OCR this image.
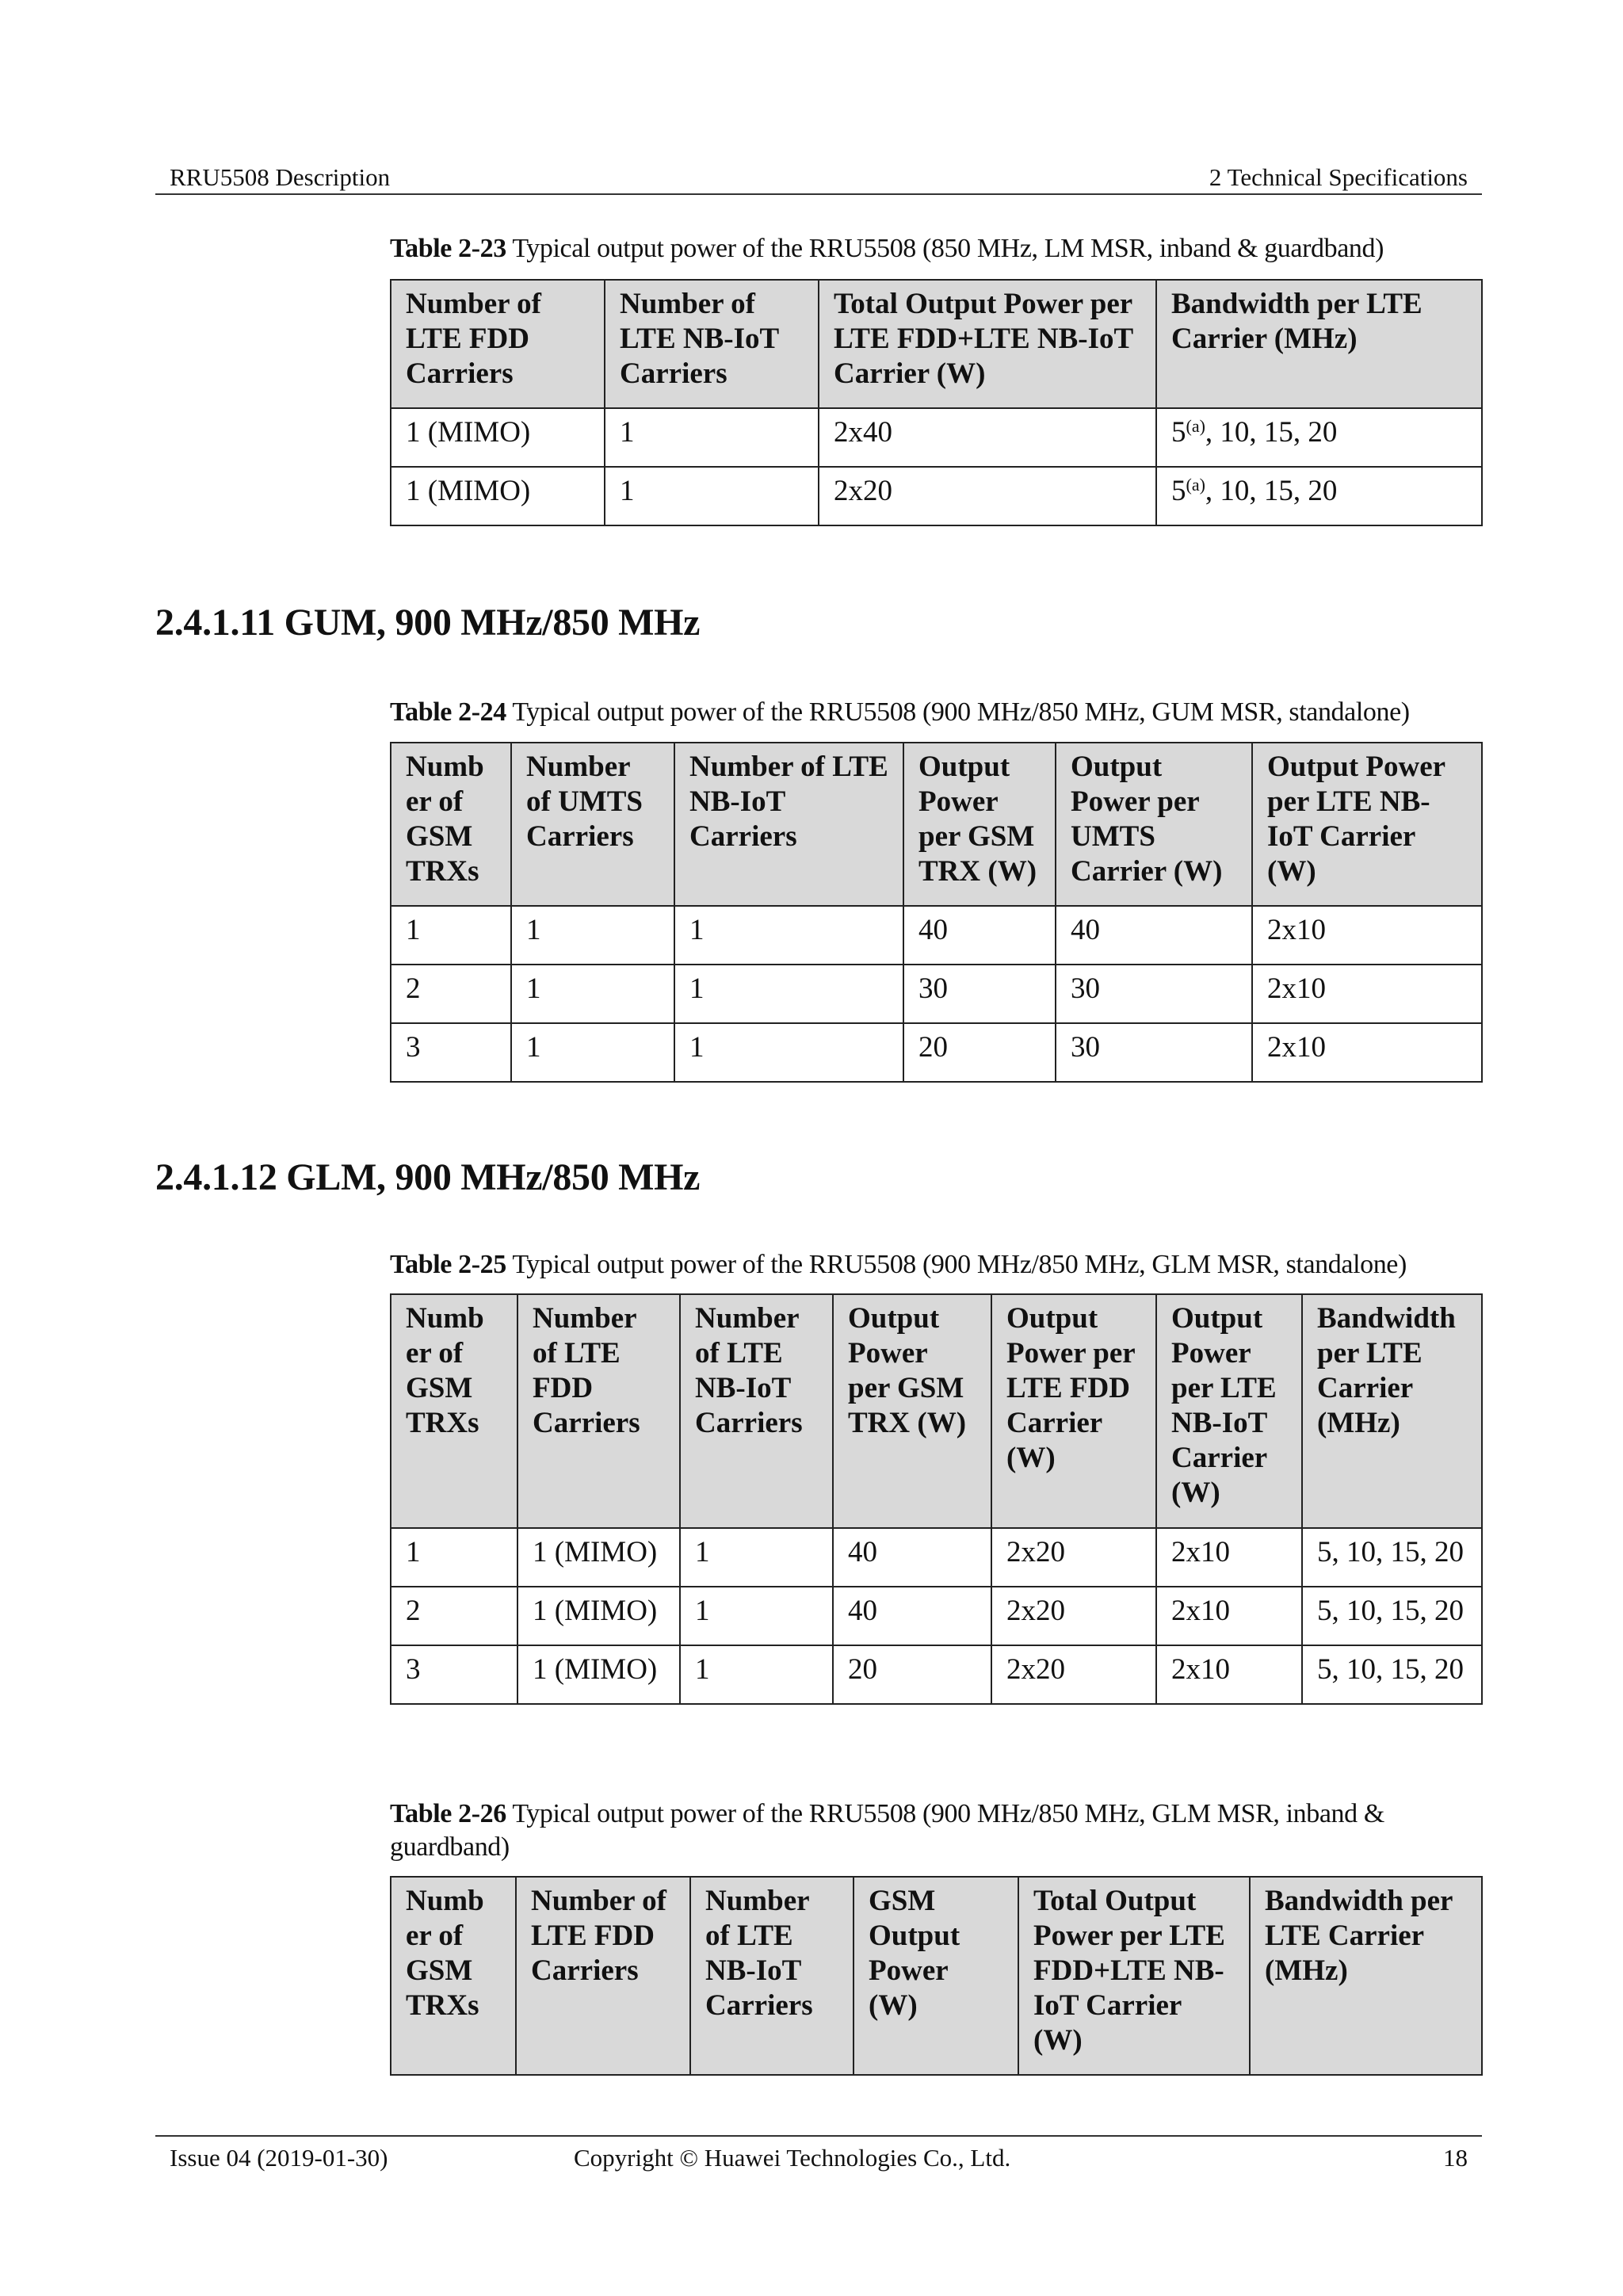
RRU5508 Description	2 Technical Specifications
Table 2-23 Typical output power of the RRU5508 (850 MHz, LM MSR, inband & guardband)
Number of LTE FDD Carriers	Number of LTE NB-IoT Carriers	Total Output Power per LTE FDD+LTE NB-IoT Carrier (W)	Bandwidth per LTE Carrier (MHz)
1 (MIMO)	1	2x40	5$^{(a)}$, 10, 15, 20
1 (MIMO)	1	2x20	5$^{(a)}$, 10, 15, 20
2.4.1.11 GUM, 900 MHz/850 MHz
Table 2-24 Typical output power of the RRU5508 (900 MHz/850 MHz, GUM MSR, standalone)
Numb er of GSM TRXs	Number of UMTS Carriers	Number of LTE NB-IoT Carriers	Output Power per GSM TRX (W)	Output Power per UMTS Carrier (W)	Output Power per LTE NB-IoT Carrier (W)
1	1	1	40	40	2x10
2	1	1	30	30	2x10
3	1	1	20	30	2x10
2.4.1.12 GLM, 900 MHz/850 MHz
Table 2-25 Typical output power of the RRU5508 (900 MHz/850 MHz, GLM MSR, standalone)
Numb er of GSM TRXs	Number of LTE FDD Carriers	Number of LTE NB-IoT Carriers	Output Power per GSM TRX (W)	Output Power per LTE FDD Carrier (W)	Output Power per LTE NB-IoT Carrier (W)	Bandwidth per LTE Carrier (MHz)
1	1 (MIMO)	1	40	2x20	2x10	5, 10, 15, 20
2	1 (MIMO)	1	40	2x20	2x10	5, 10, 15, 20
3	1 (MIMO)	1	20	2x20	2x10	5, 10, 15, 20
Table 2-26 Typical output power of the RRU5508 (900 MHz/850 MHz, GLM MSR, inband & guardband)
Numb er of GSM TRXs	Number of LTE FDD Carriers	Number of LTE NB-IoT Carriers	GSM Output Power (W)	Total Output Power per LTE FDD+LTE NB-IoT Carrier (W)	Bandwidth per LTE Carrier (MHz)
Issue 04 (2019-01-30)	Copyright © Huawei Technologies Co., Ltd.	18
